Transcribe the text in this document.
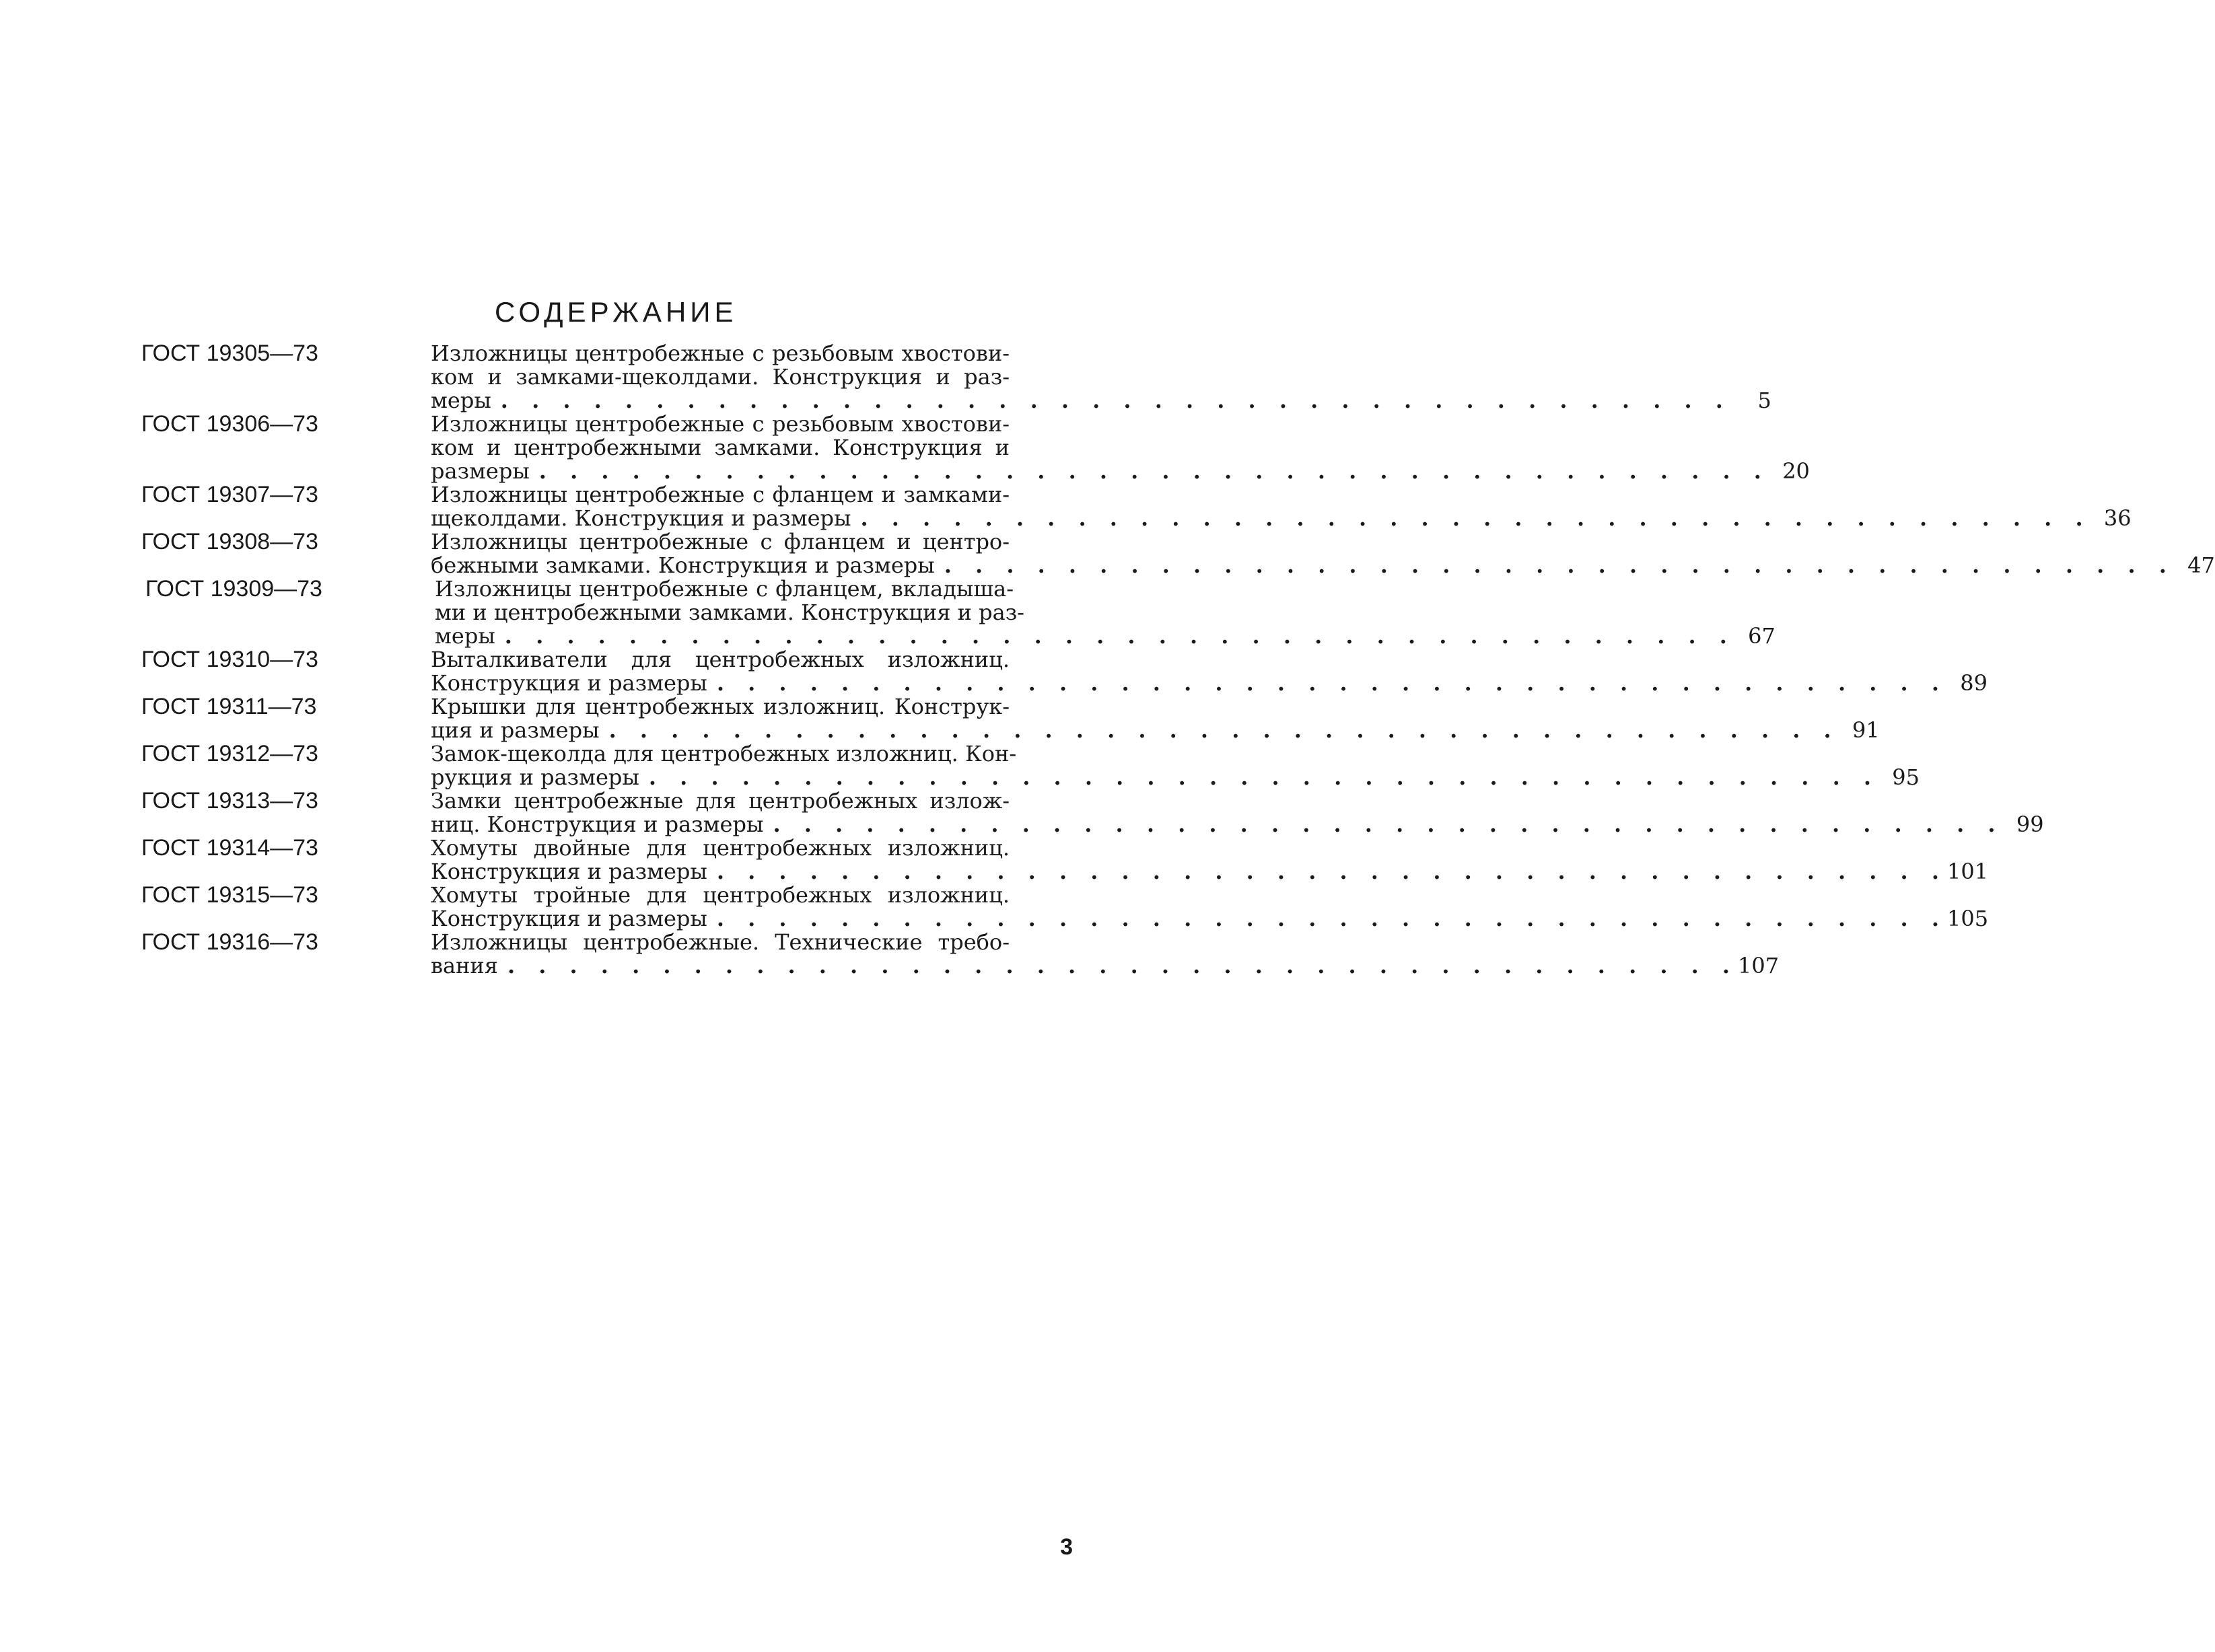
СОДЕРЖАНИЕ
ГОСТ 19305—73	Изложницы центробежные с резьбовым хвостови-
ком и замками-щеколдами. Конструкция и раз-
меры . . . . . . . . . . . . . . . . . . . . . . . . . . . . . . . . . . . . . . . .	5
ГОСТ 19306—73	Изложницы центробежные с резьбовым хвостови-
ком и центробежными замками. Конструкция и
размеры . . . . . . . . . . . . . . . . . . . . . . . . . . . . . . . . . . . . . . . . 20
ГОСТ 19307—73	Изложницы центробежные с фланцем и замками-
щеколдами. Конструкция и размеры . . . . . . . . . . . . . . . . . . . . . . . . . . . . . . . . . . . . . . . . 36
ГОСТ 19308—73	Изложницы центробежные с фланцем и центро-
бежными замками. Конструкция и размеры . . . . . . . . . . . . . . . . . . . . . . . . . . . . . . . . . . . . . . . . 47
ГОСТ 19309—73	Изложницы центробежные с фланцем, вкладыша-
ми и центробежными замками. Конструкция и раз-
меры . . . . . . . . . . . . . . . . . . . . . . . . . . . . . . . . . . . . . . . . 67
ГОСТ 19310—73	Выталкиватели для центробежных изложниц.
Конструкция и размеры . . . . . . . . . . . . . . . . . . . . . . . . . . . . . . . . . . . . . . . . 89
ГОСТ 19311—73	Крышки для центробежных изложниц. Конструк-
ция и размеры . . . . . . . . . . . . . . . . . . . . . . . . . . . . . . . . . . . . . . . . 91
ГОСТ 19312—73	Замок-щеколда для центробежных изложниц. Кон-
рукция и размеры . . . . . . . . . . . . . . . . . . . . . . . . . . . . . . . . . . . . . . . . 95
ГОСТ 19313—73	Замки центробежные для центробежных излож-
ниц. Конструкция и размеры . . . . . . . . . . . . . . . . . . . . . . . . . . . . . . . . . . . . . . . . 99
ГОСТ 19314—73	Хомуты двойные для центробежных изложниц.
Конструкция и размеры . . . . . . . . . . . . . . . . . . . . . . . . . . . . . . . . . . . . . . . . 101
ГОСТ 19315—73	Хомуты тройные для центробежных изложниц.
Конструкция и размеры . . . . . . . . . . . . . . . . . . . . . . . . . . . . . . . . . . . . . . . . 105
ГОСТ 19316—73	Изложницы центробежные. Технические требо-
вания . . . . . . . . . . . . . . . . . . . . . . . . . . . . . . . . . . . . . . . . 107
3
